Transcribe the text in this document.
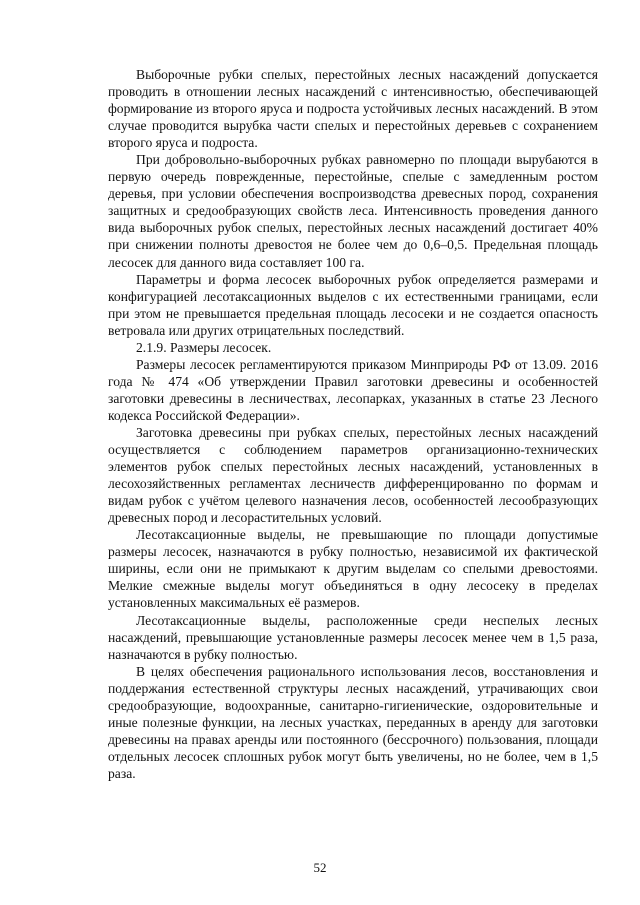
Выборочные рубки спелых, перестойных лесных насаждений допускается проводить в отношении лесных насаждений с интенсивностью, обеспечивающей формирование из второго яруса и подроста устойчивых лесных насаждений. В этом случае проводится вырубка части спелых и перестойных деревьев с сохранением второго яруса и подроста.

При добровольно-выборочных рубках равномерно по площади вырубаются в первую очередь поврежденные, перестойные, спелые с замедленным ростом деревья, при условии обеспечения воспроизводства древесных пород, сохранения защитных и средообразующих свойств леса. Интенсивность проведения данного вида выборочных рубок спелых, перестойных лесных насаждений достигает 40% при снижении полноты древостоя не более чем до 0,6–0,5. Предельная площадь лесосек для данного вида составляет 100 га.

Параметры и форма лесосек выборочных рубок определяется размерами и конфигурацией лесотаксационных выделов с их естественными границами, если при этом не превышается предельная площадь лесосеки и не создается опасность ветровала или других отрицательных последствий.

2.1.9. Размеры лесосек.

Размеры лесосек регламентируются приказом Минприроды РФ от 13.09. 2016 года № 474 «Об утверждении Правил заготовки древесины и особенностей заготовки древесины в лесничествах, лесопарках, указанных в статье 23 Лесного кодекса Российской Федерации».

Заготовка древесины при рубках спелых, перестойных лесных насаждений осуществляется с соблюдением параметров организационно-технических элементов рубок спелых перестойных лесных насаждений, установленных в лесохозяйственных регламентах лесничеств дифференцированно по формам и видам рубок с учётом целевого назначения лесов, особенностей лесообразующих древесных пород и лесорастительных условий.

Лесотаксационные выделы, не превышающие по площади допустимые размеры лесосек, назначаются в рубку полностью, независимой их фактической ширины, если они не примыкают к другим выделам со спелыми древостоями. Мелкие смежные выделы могут объединяться в одну лесосеку в пределах установленных максимальных её размеров.

Лесотаксационные выделы, расположенные среди неспелых лесных насаждений, превышающие установленные размеры лесосек менее чем в 1,5 раза, назначаются в рубку полностью.

В целях обеспечения рационального использования лесов, восстановления и поддержания естественной структуры лесных насаждений, утрачивающих свои средообразующие, водоохранные, санитарно-гигиенические, оздоровительные и иные полезные функции, на лесных участках, переданных в аренду для заготовки древесины на правах аренды или постоянного (бессрочного) пользования, площади отдельных лесосек сплошных рубок могут быть увеличены, но не более, чем в 1,5 раза.

52
